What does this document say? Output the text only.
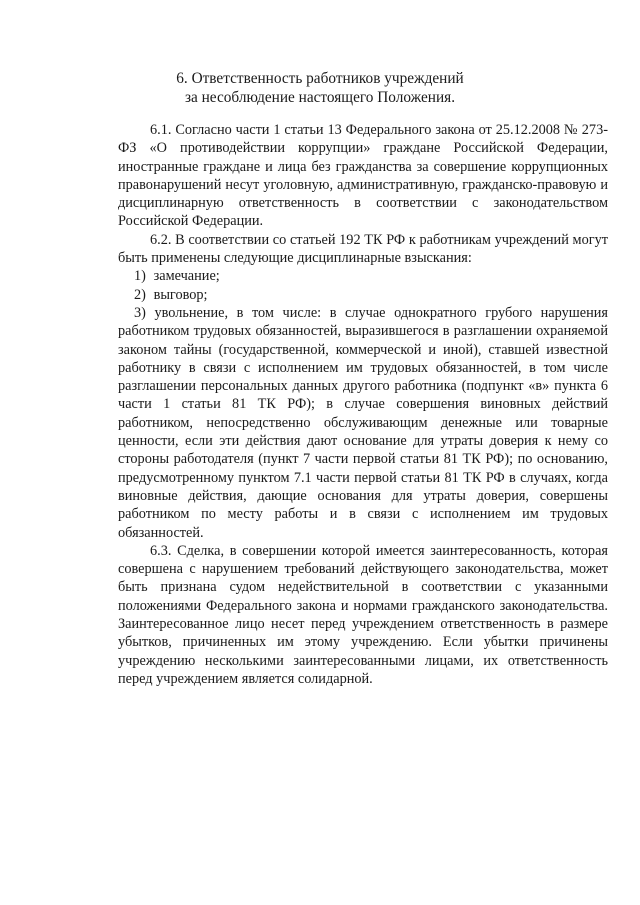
6. Ответственность работников учреждений
за несоблюдение настоящего Положения.

6.1. Согласно части 1 статьи 13 Федерального закона от 25.12.2008 № 273-ФЗ «О противодействии коррупции» граждане Российской Федерации, иностранные граждане и лица без гражданства за совершение коррупционных правонарушений несут уголовную, административную, гражданско-правовую и дисциплинарную ответственность в соответствии с законодательством Российской Федерации.

6.2. В соответствии со статьей 192 ТК РФ к работникам учреждений могут быть применены следующие дисциплинарные взыскания:

1) замечание;

2) выговор;

3) увольнение, в том числе: в случае однократного грубого нарушения работником трудовых обязанностей, выразившегося в разглашении охраняемой законом тайны (государственной, коммерческой и иной), ставшей известной работнику в связи с исполнением им трудовых обязанностей, в том числе разглашении персональных данных другого работника (подпункт «в» пункта 6 части 1 статьи 81 ТК РФ); в случае совершения виновных действий работником, непосредственно обслуживающим денежные или товарные ценности, если эти действия дают основание для утраты доверия к нему со стороны работодателя (пункт 7 части первой статьи 81 ТК РФ); по основанию, предусмотренному пунктом 7.1 части первой статьи 81 ТК РФ в случаях, когда виновные действия, дающие основания для утраты доверия, совершены работником по месту работы и в связи с исполнением им трудовых обязанностей.

6.3. Сделка, в совершении которой имеется заинтересованность, которая совершена с нарушением требований действующего законодательства, может быть признана судом недействительной в соответствии с указанными положениями Федерального закона и нормами гражданского законодательства. Заинтересованное лицо несет перед учреждением ответственность в размере убытков, причиненных им этому учреждению. Если убытки причинены учреждению несколькими заинтересованными лицами, их ответственность перед учреждением является солидарной.
